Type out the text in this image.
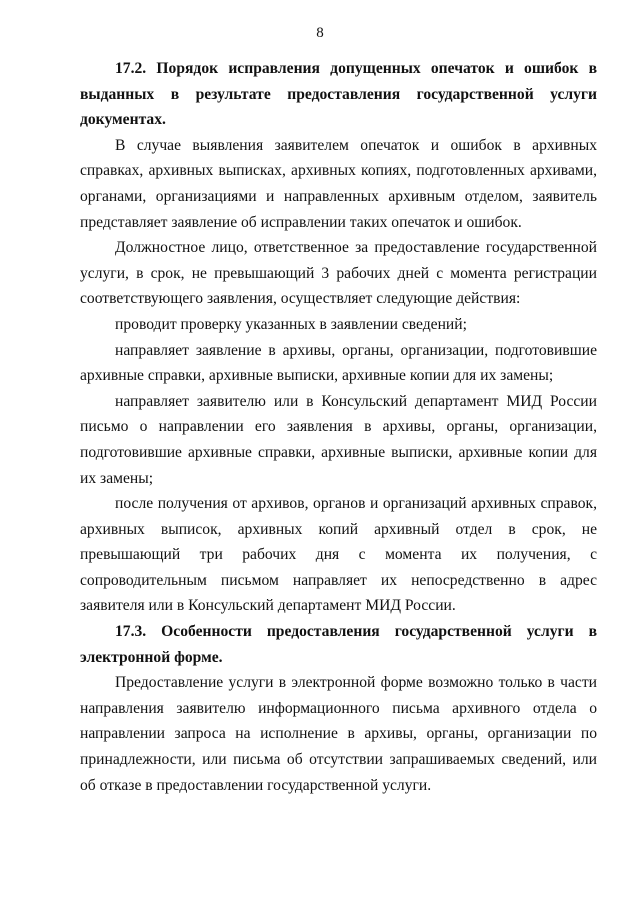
8

17.2. Порядок исправления допущенных опечаток и ошибок в выданных в результате предоставления государственной услуги документах.

В случае выявления заявителем опечаток и ошибок в архивных справках, архивных выписках, архивных копиях, подготовленных архивами, органами, организациями и направленных архивным отделом, заявитель представляет заявление об исправлении таких опечаток и ошибок.

Должностное лицо, ответственное за предоставление государственной услуги, в срок, не превышающий 3 рабочих дней с момента регистрации соответствующего заявления, осуществляет следующие действия:

проводит проверку указанных в заявлении сведений;

направляет заявление в архивы, органы, организации, подготовившие архивные справки, архивные выписки, архивные копии для их замены;

направляет заявителю или в Консульский департамент МИД России письмо о направлении его заявления в архивы, органы, организации, подготовившие архивные справки, архивные выписки, архивные копии для их замены;

после получения от архивов, органов и организаций архивных справок, архивных выписок, архивных копий архивный отдел в срок, не превышающий три рабочих дня с момента их получения, с сопроводительным письмом направляет их непосредственно в адрес заявителя или в Консульский департамент МИД России.

17.3. Особенности предоставления государственной услуги в электронной форме.

Предоставление услуги в электронной форме возможно только в части направления заявителю информационного письма архивного отдела о направлении запроса на исполнение в архивы, органы, организации по принадлежности, или письма об отсутствии запрашиваемых сведений, или об отказе в предоставлении государственной услуги.
